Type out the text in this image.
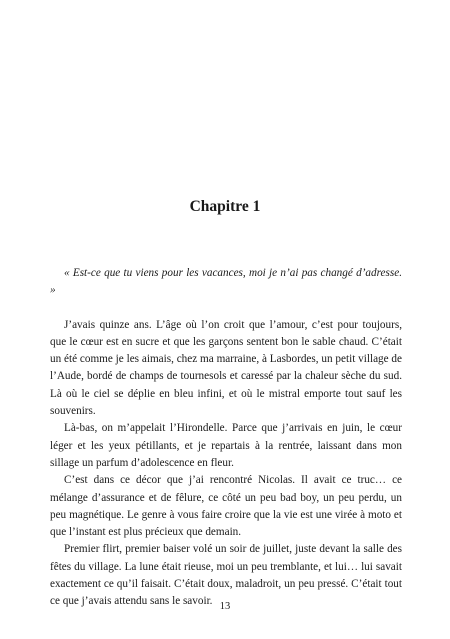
Chapitre 1

« Est-ce que tu viens pour les vacances, moi je n’ai pas changé d’adresse. »

J’avais quinze ans. L’âge où l’on croit que l’amour, c’est pour toujours, que le cœur est en sucre et que les garçons sentent bon le sable chaud. C’était un été comme je les aimais, chez ma marraine, à Lasbordes, un petit village de l’Aude, bordé de champs de tournesols et caressé par la chaleur sèche du sud. Là où le ciel se déplie en bleu infini, et où le mistral emporte tout sauf les souvenirs.

Là-bas, on m’appelait l’Hirondelle. Parce que j’arrivais en juin, le cœur léger et les yeux pétillants, et je repartais à la rentrée, laissant dans mon sillage un parfum d’adolescence en fleur.

C’est dans ce décor que j’ai rencontré Nicolas. Il avait ce truc… ce mélange d’assurance et de fêlure, ce côté un peu bad boy, un peu perdu, un peu magnétique. Le genre à vous faire croire que la vie est une virée à moto et que l’instant est plus précieux que demain.

Premier flirt, premier baiser volé un soir de juillet, juste devant la salle des fêtes du village. La lune était rieuse, moi un peu tremblante, et lui… lui savait exactement ce qu’il faisait. C’était doux, maladroit, un peu pressé. C’était tout ce que j’avais attendu sans le savoir. 13
